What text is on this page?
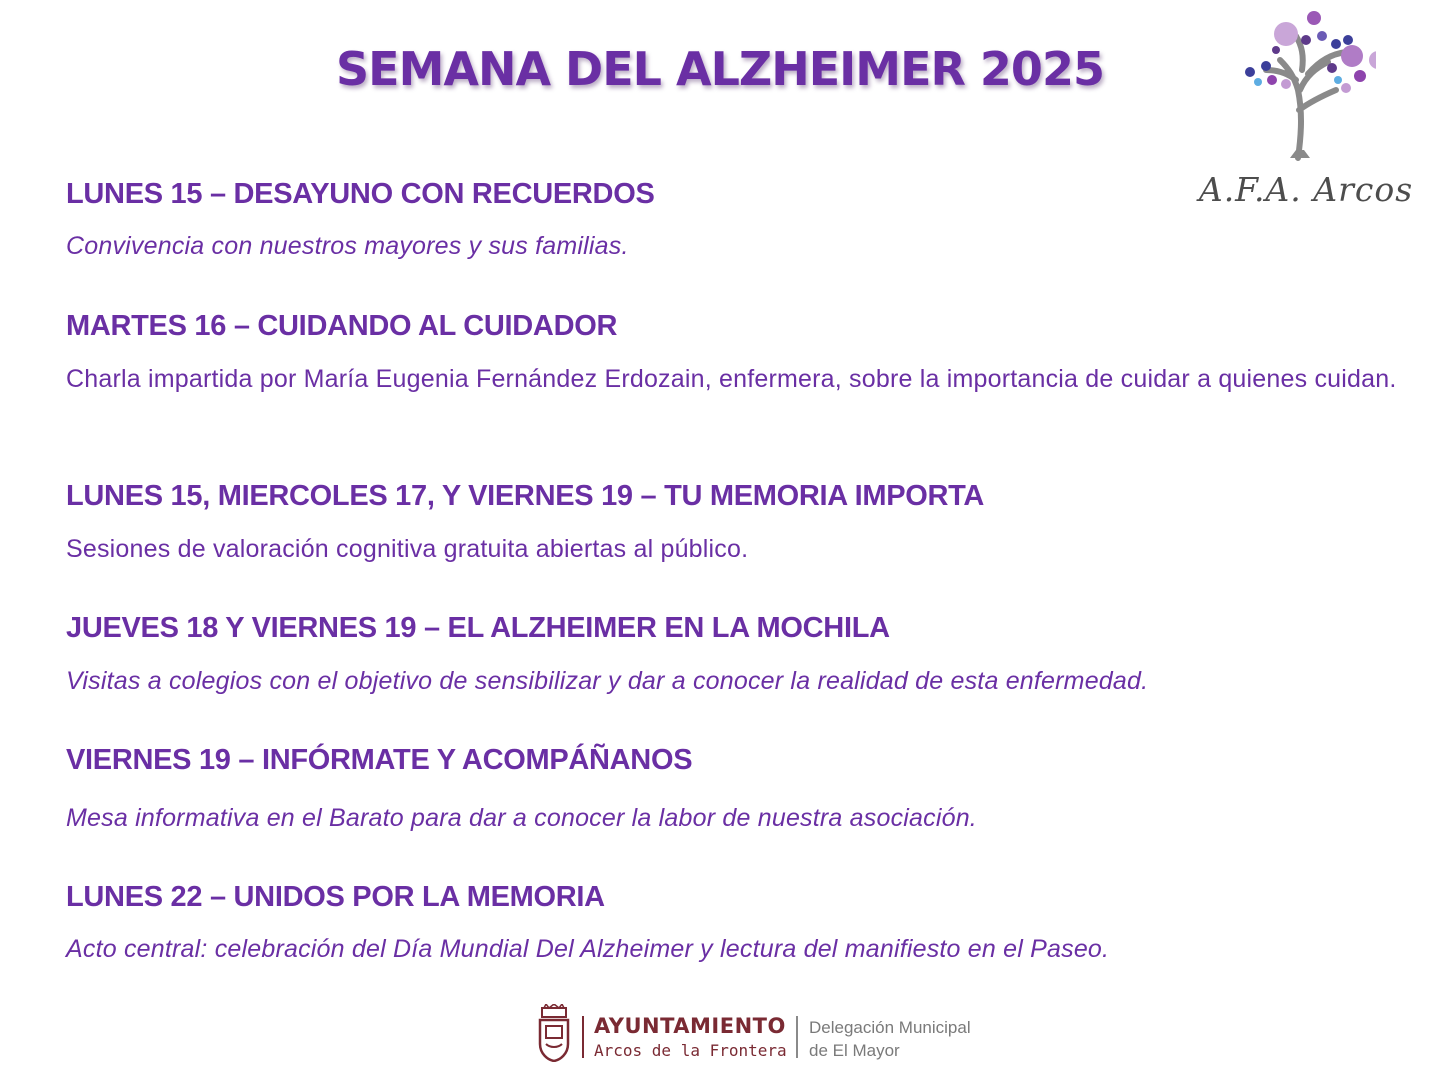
SEMANA DEL ALZHEIMER 2025
A.F.A. Arcos

LUNES 15 – DESAYUNO CON RECUERDOS

Convivencia con nuestros mayores y sus familias.

MARTES 16 – CUIDANDO AL CUIDADOR

Charla impartida por María Eugenia Fernández Erdozain, enfermera, sobre la importancia de cuidar a quienes cuidan.

LUNES 15, MIERCOLES 17, Y VIERNES 19 – TU MEMORIA IMPORTA

Sesiones de valoración cognitiva gratuita abiertas al público.

JUEVES 18 Y VIERNES 19 – EL ALZHEIMER EN LA MOCHILA

Visitas a colegios con el objetivo de sensibilizar y dar a conocer la realidad de esta enfermedad.

VIERNES 19 – INFÓRMATE Y ACOMPÁÑANOS

Mesa informativa en el Barato para dar a conocer la labor de nuestra asociación.

LUNES 22 – UNIDOS POR LA MEMORIA

Acto central: celebración del Día Mundial Del Alzheimer y lectura del manifiesto en el Paseo.

AYUNTAMIENTO
Arcos de la Frontera
Delegación Municipal
de El Mayor
